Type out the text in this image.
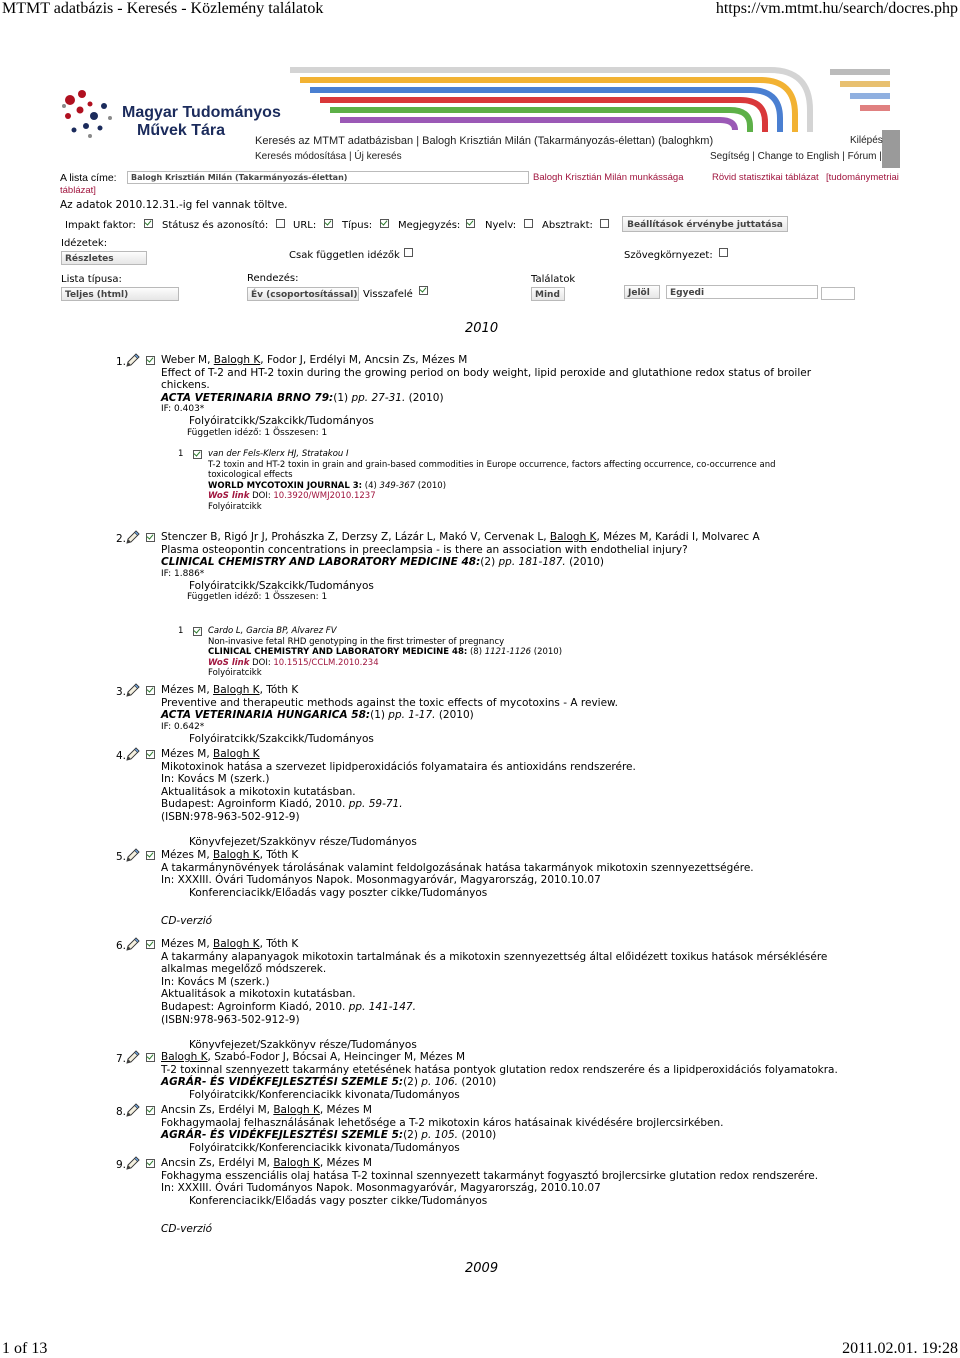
MTMT adatbázis - Keresés - Közlemény találatok	https://vm.mtmt.hu/search/docres.php
Magyar Tudományos
Művek Tára
Keresés az MTMT adatbázisban | Balogh Krisztián Milán (Takarmányozás-élettan) (baloghkm)	Kilépés
Keresés módosítása | Új keresés	Segítség | Change to English | Fórum |
A lista címe:	Balogh Krisztián Milán (Takarmányozás-élettan)	Balogh Krisztián Milán munkássága	Rövid statisztikai táblázat [tudománymetriai
táblázat]
Az adatok 2010.12.31.-ig fel vannak töltve.
Impakt faktor:	Státusz és azonosító: URL:	Típus:	Megjegyzés: Nyelv:	Absztrakt:	Beállítások érvénybe juttatása
Idézetek:
Részletes	Csak független idézők	Szövegkörnyezet:
Lista típusa:
Teljes (html)
Rendezés:
Év (csoportosítással) Visszafelé
Találatok
Mind	Jelöl	Egyedi
2010
1.	Weber M, Balogh K, Fodor J, Erdélyi M, Ancsin Zs, Mézes M
Effect of T-2 and HT-2 toxin during the growing period on body weight, lipid peroxide and glutathione redox status of broiler
chickens.
ACTA VETERINARIA BRNO 79:(1) pp. 27-31. (2010)
IF: 0.403*
Folyóiratcikk/Szakcikk/Tudományos
Független idéző: 1 Összesen: 1
1	van der Fels-Klerx HJ, Stratakou I
T-2 toxin and HT-2 toxin in grain and grain-based commodities in Europe occurrence, factors affecting occurrence, co-occurrence and
toxicological effects
WORLD MYCOTOXIN JOURNAL 3: (4) 349-367 (2010)
WoS link DOI: 10.3920/WMJ2010.1237
Folyóiratcikk
2.	Stenczer B, Rigó Jr J, Prohászka Z, Derzsy Z, Lázár L, Makó V, Cervenak L, Balogh K, Mézes M, Karádi I, Molvarec A
Plasma osteopontin concentrations in preeclampsia - is there an association with endothelial injury?
CLINICAL CHEMISTRY AND LABORATORY MEDICINE 48:(2) pp. 181-187. (2010)
IF: 1.886*
Folyóiratcikk/Szakcikk/Tudományos
Független idéző: 1 Összesen: 1
1	Cardo L, Garcia BP, Alvarez FV
Non-invasive fetal RHD genotyping in the first trimester of pregnancy
CLINICAL CHEMISTRY AND LABORATORY MEDICINE 48: (8) 1121-1126 (2010)
WoS link DOI: 10.1515/CCLM.2010.234
Folyóiratcikk
3.	Mézes M, Balogh K, Tóth K
Preventive and therapeutic methods against the toxic effects of mycotoxins - A review.
ACTA VETERINARIA HUNGARICA 58:(1) pp. 1-17. (2010)
IF: 0.642*
Folyóiratcikk/Szakcikk/Tudományos
4.	Mézes M, Balogh K
Mikotoxinok hatása a szervezet lipidperoxidációs folyamataira és antioxidáns rendszerére.
In: Kovács M (szerk.)
Aktualitások a mikotoxin kutatásban.
Budapest: Agroinform Kiadó, 2010. pp. 59-71.
(ISBN:978-963-502-912-9)

Könyvfejezet/Szakkönyv része/Tudományos
5.	Mézes M, Balogh K, Tóth K
A takarmánynövények tárolásának valamint feldolgozásának hatása takarmányok mikotoxin szennyezettségére.
In: XXXIII. Óvári Tudományos Napok. Mosonmagyaróvár, Magyarország, 2010.10.07
Konferenciacikk/Előadás vagy poszter cikke/Tudományos

CD-verzió
6.	Mézes M, Balogh K, Tóth K
A takarmány alapanyagok mikotoxin tartalmának és a mikotoxin szennyezettség által előidézett toxikus hatások mérséklésére
alkalmas megelőző módszerek.
In: Kovács M (szerk.)
Aktualitások a mikotoxin kutatásban.
Budapest: Agroinform Kiadó, 2010. pp. 141-147.
(ISBN:978-963-502-912-9)

Könyvfejezet/Szakkönyv része/Tudományos
7.	Balogh K, Szabó-Fodor J, Bócsai A, Heincinger M, Mézes M
T-2 toxinnal szennyezett takarmány etetésének hatása pontyok glutation redox rendszerére és a lipidperoxidációs folyamatokra.
AGRÁR- ÉS VIDÉKFEJLESZTÉSI SZEMLE 5:(2) p. 106. (2010)
Folyóiratcikk/Konferenciacikk kivonata/Tudományos
8.	Ancsin Zs, Erdélyi M, Balogh K, Mézes M
Fokhagymaolaj felhasználásának lehetősége a T-2 mikotoxin káros hatásainak kivédésére brojlercsirkében.
AGRÁR- ÉS VIDÉKFEJLESZTÉSI SZEMLE 5:(2) p. 105. (2010)
Folyóiratcikk/Konferenciacikk kivonata/Tudományos
9.	Ancsin Zs, Erdélyi M, Balogh K, Mézes M
Fokhagyma esszenciális olaj hatása T-2 toxinnal szennyezett takarmányt fogyasztó brojlercsirke glutation redox rendszerére.
In: XXXIII. Óvári Tudományos Napok. Mosonmagyaróvár, Magyarország, 2010.10.07
Konferenciacikk/Előadás vagy poszter cikke/Tudományos

CD-verzió
2009
1 of 13	2011.02.01. 19:28
